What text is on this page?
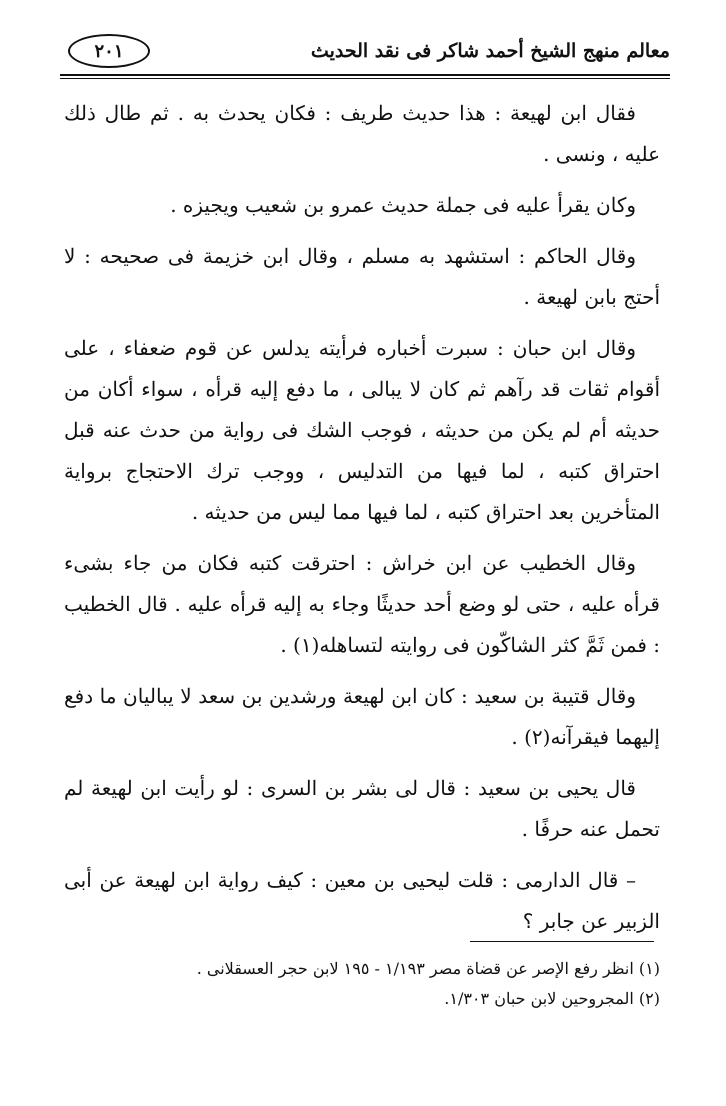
معالم منهج الشيخ أحمد شاكر فى نقد الحديث
٢٠١

فقال ابن لهيعة : هذا حديث طريف : فكان يحدث به . ثم طال ذلك عليه ، ونسى .

وكان يقرأ عليه فى جملة حديث عمرو بن شعيب ويجيزه .

وقال الحاكم : استشهد به مسلم ، وقال ابن خزيمة فى صحيحه : لا أحتج بابن لهيعة .

وقال ابن حبان : سبرت أخباره فرأيته يدلس عن قوم ضعفاء ، على أقوام ثقات قد رآهم ثم كان لا يبالى ، ما دفع إليه قرأه ، سواء أكان من حديثه أم لم يكن من حديثه ، فوجب الشك فى رواية من حدث عنه قبل احتراق كتبه ، لما فيها من التدليس ، ووجب ترك الاحتجاج برواية المتأخرين بعد احتراق كتبه ، لما فيها مما ليس من حديثه .

وقال الخطيب عن ابن خراش : احترقت كتبه فكان من جاء بشىء قرأه عليه ، حتى لو وضع أحد حديثًا وجاء به إليه قرأه عليه . قال الخطيب : فمن ثَمَّ كثر الشاكّون فى روايته لتساهله(١) .

وقال قتيبة بن سعيد : كان ابن لهيعة ورشدين بن سعد لا يباليان ما دفع إليهما فيقرآنه(٢) .

قال يحيى بن سعيد : قال لى بشر بن السرى : لو رأيت ابن لهيعة لم تحمل عنه حرفًا .

– قال الدارمى : قلت ليحيى بن معين : كيف رواية ابن لهيعة عن أبى الزبير عن جابر ؟

(١) انظر رفع الإصر عن قضاة مصر ١/١٩٣ - ١٩٥ لابن حجر العسقلانى .

(٢) المجروحين لابن حبان ١/٣٠٣.
